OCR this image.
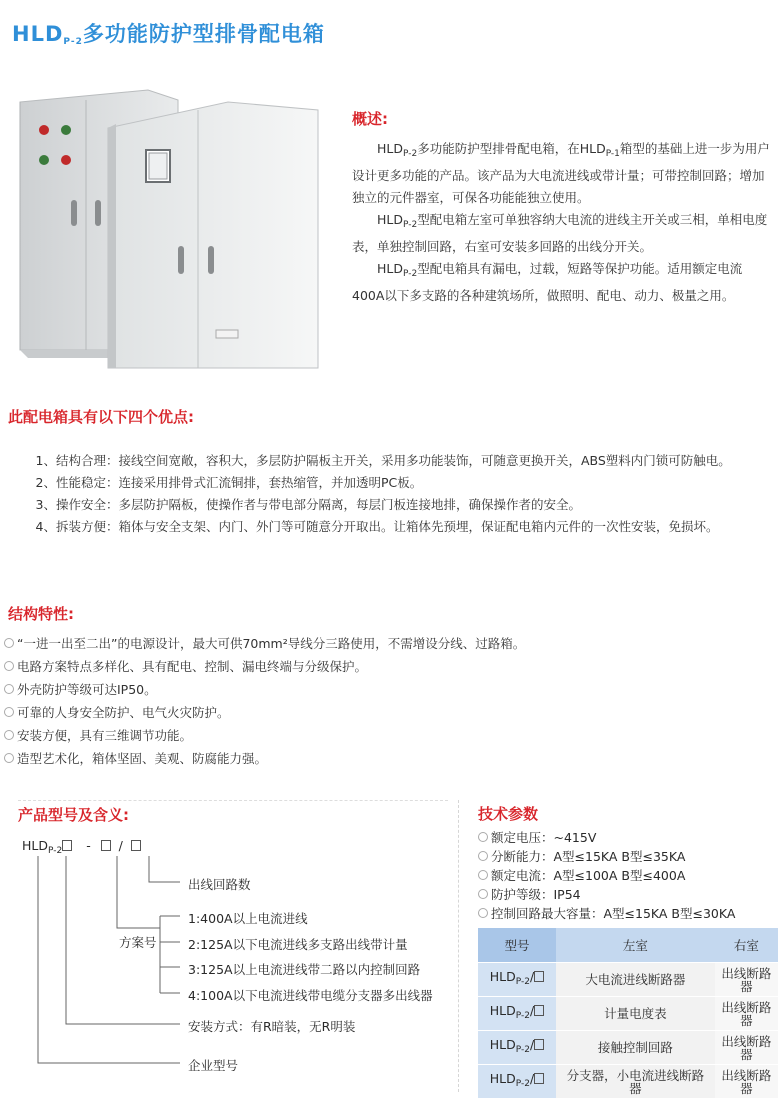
$HLD_{P-2}$多功能防护型排骨配电箱
概述:

$HLD_{P-2}$多功能防护型排骨配电箱，在$HLD_{P-1}$箱型的基础上进一步为用户设计更多功能的产品。该产品为大电流进线或带计量；可带控制回路；增加独立的元件器室，可保各功能能独立使用。

$HLD_{P-2}$型配电箱左室可单独容纳大电流的进线主开关或三相，单相电度表，单独控制回路，右室可安装多回路的出线分开关。

$HLD_{P-2}$型配电箱具有漏电，过载，短路等保护功能。适用额定电流400A以下多支路的各种建筑场所，做照明、配电、动力、极量之用。

此配电箱具有以下四个优点:

1、结构合理：接线空间宽敞，容积大，多层防护隔板主开关，采用多功能装饰，可随意更换开关，ABS塑料内门锁可防触电。

2、性能稳定：连接采用排骨式汇流铜排，套热缩管，并加透明PC板。

3、操作安全：多层防护隔板，使操作者与带电部分隔离，每层门板连接地排，确保操作者的安全。

4、拆装方便：箱体与安全支架、内门、外门等可随意分开取出。让箱体先预埋，保证配电箱内元件的一次性安装，免损坏。

结构特性:
“一进一出至二出”的电源设计，最大可供70mm²导线分三路使用，不需增设分线、过路箱。
电路方案特点多样化、具有配电、控制、漏电终端与分级保护。
外壳防护等级可达IP50。
可靠的人身安全防护、电气火灾防护。
安装方便，具有三维调节功能。
造型艺术化，箱体坚固、美观、防腐能力强。
产品型号及含义:
$HLD_{P-2}$ - /
出线回路数
方案号
1:400A以上电流进线
2:125A以下电流进线多支路出线带计量
3:125A以上电流进线带二路以内控制回路
4:100A以下电流进线带电缆分支器多出线器
安装方式：有R暗装，无R明装
企业型号
技术参数
额定电压：~415V
分断能力：A型≤15KA B型≤35KA
额定电流：A型≤100A B型≤400A
防护等级：IP54
控制回路最大容量：A型≤15KA B型≤30KA
型号	左室	右室
$HLD_{P-2}/$	大电流进线断路器	出线断路器
$HLD_{P-2}/$	计量电度表	出线断路器
$HLD_{P-2}/$	接触控制回路	出线断路器
$HLD_{P-2}/$	分支器，小电流进线断路器	出线断路器
